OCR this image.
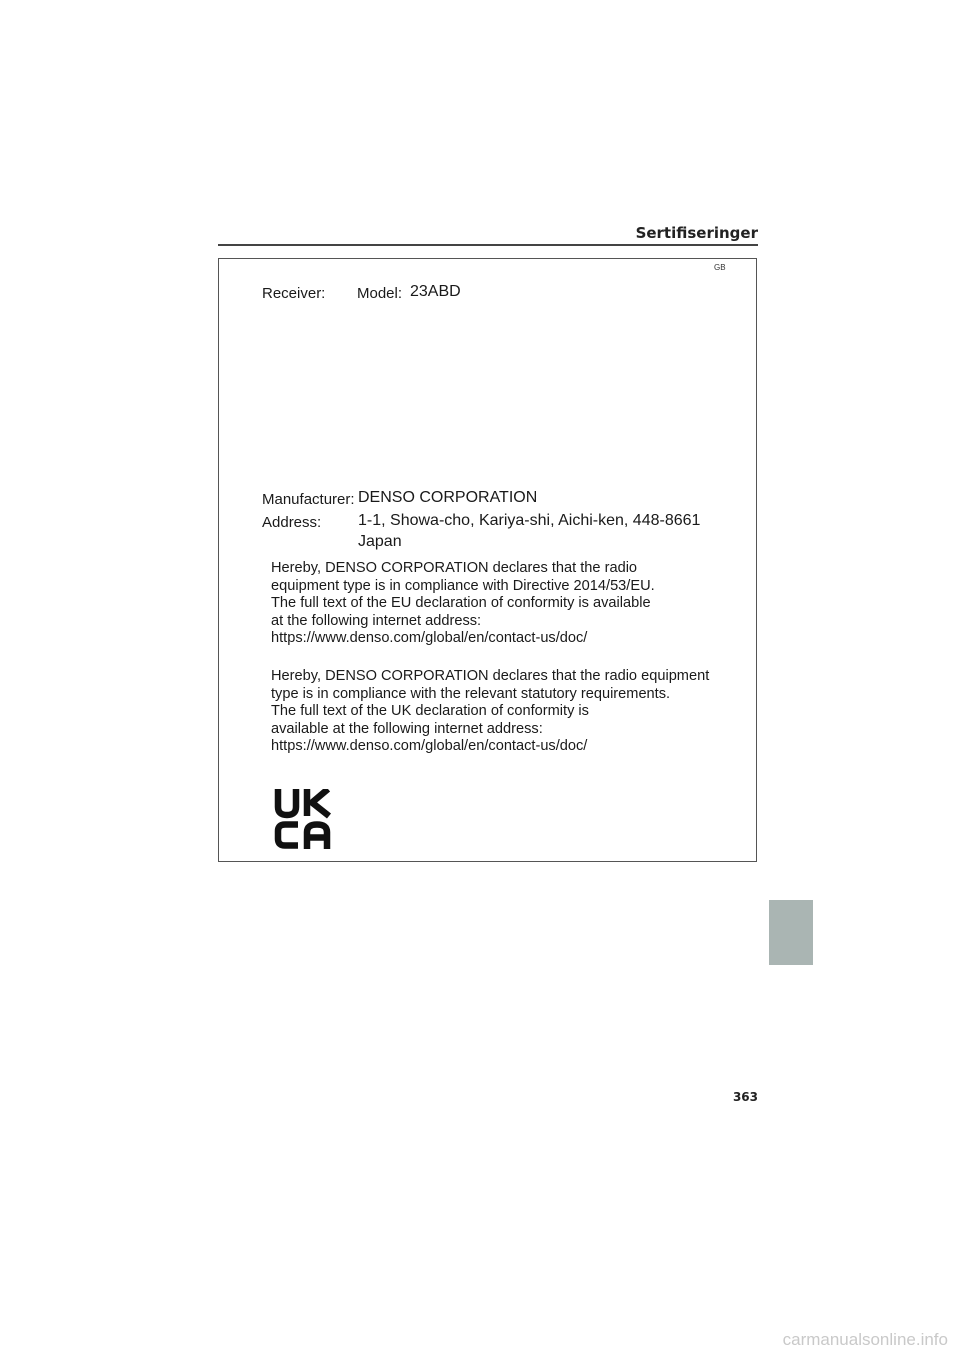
Sertifiseringer
GB
Receiver: Model: 23ABD
Manufacturer: DENSO CORPORATION
Address: 1-1, Showa-cho, Kariya-shi, Aichi-ken, 448-8661
Japan
Hereby, DENSO CORPORATION declares that the radio
equipment type is in compliance with Directive 2014/53/EU.
The full text of the EU declaration of conformity is available
at the following internet address:
https://www.denso.com/global/en/contact-us/doc/
Hereby, DENSO CORPORATION declares that the radio equipment
type is in compliance with the relevant statutory requirements.
The full text of the UK declaration of conformity is
available at the following internet address:
https://www.denso.com/global/en/contact-us/doc/
363
carmanualsonline.info
